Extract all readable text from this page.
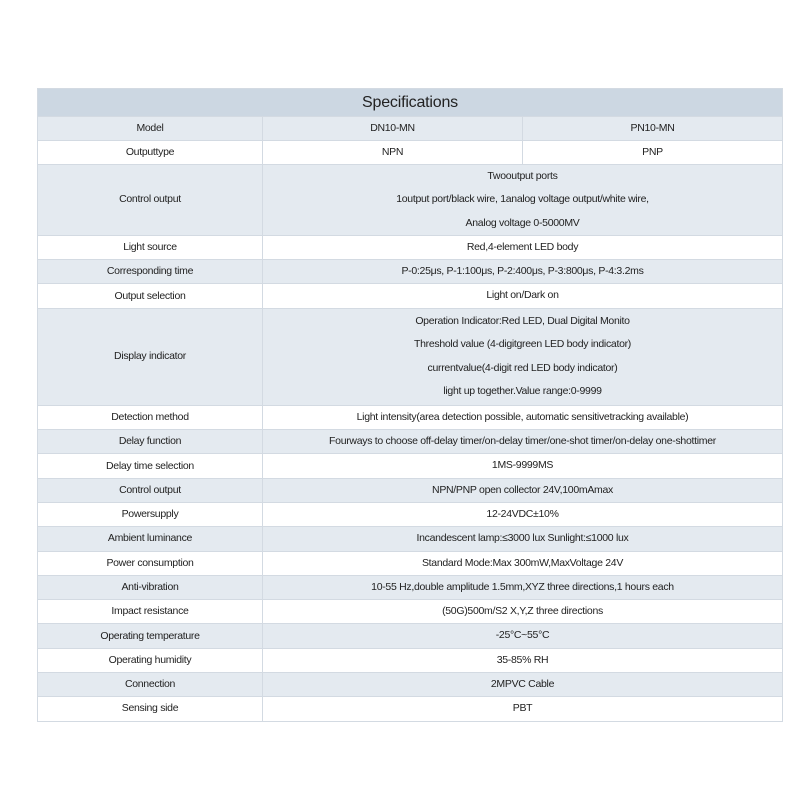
Specifications		
Model	DN10-MN	PN10-MN
Outputtype	NPN	PNP
Control output	Twooutput ports
1output port/black wire, 1analog voltage output/white wire,
Analog voltage 0-5000MV	

Light source	Red,4-element LED body	

Corresponding time	P-0:25μs, P-1:100μs, P-2:400μs, P-3:800μs, P-4:3.2ms	

Output selection	Light on/Dark on	

Display indicator	Operation Indicator:Red LED, Dual Digital Monito
Threshold value (4-digitgreen LED body indicator)
currentvalue(4-digit red LED body indicator)
light up together.Value range:0-9999	

Detection method	Light intensity(area detection possible, automatic sensitivetracking available)	

Delay function	Fourways to choose off-delay timer/on-delay timer/one-shot timer/on-delay one-shottimer	

Delay time selection	1MS-9999MS	

Control output	NPN/PNP open collector 24V,100mAmax	

Powersupply	12-24VDC±10%	

Ambient luminance	Incandescent lamp:≤3000 lux Sunlight:≤1000 lux	

Power consumption	Standard Mode:Max 300mW,MaxVoltage 24V	

Anti-vibration	10-55 Hz,double amplitude 1.5mm,XYZ three directions,1 hours each	

Impact resistance	(50G)500m/S2 X,Y,Z three directions	

Operating temperature	-25°C~55°C	

Operating humidity	35-85% RH	

Connection	2MPVC Cable	

Sensing side	PBT	
